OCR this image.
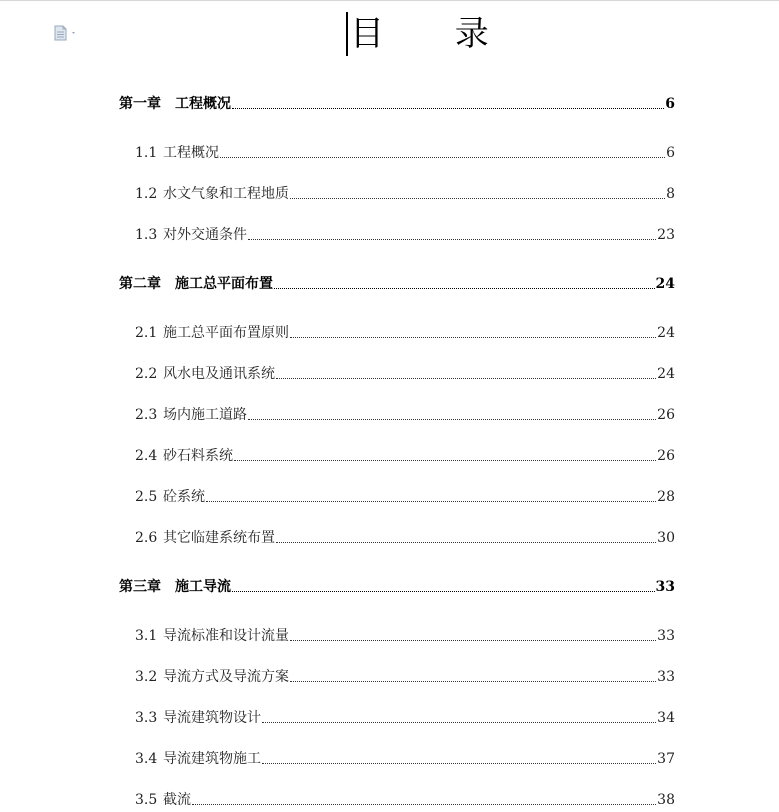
目 录
第一章	工程概况	6
1.1 工程概况	6
1.2 水文气象和工程地质	8
1.3 对外交通条件	23
第二章	施工总平面布置	24
2.1 施工总平面布置原则	24
2.2 风水电及通讯系统	24
2.3 场内施工道路	26
2.4 砂石料系统	26
2.5 砼系统	28
2.6 其它临建系统布置	30
第三章	施工导流	33
3.1 导流标准和设计流量	33
3.2 导流方式及导流方案	33
3.3 导流建筑物设计	34
3.4 导流建筑物施工	37
3.5 截流	38
